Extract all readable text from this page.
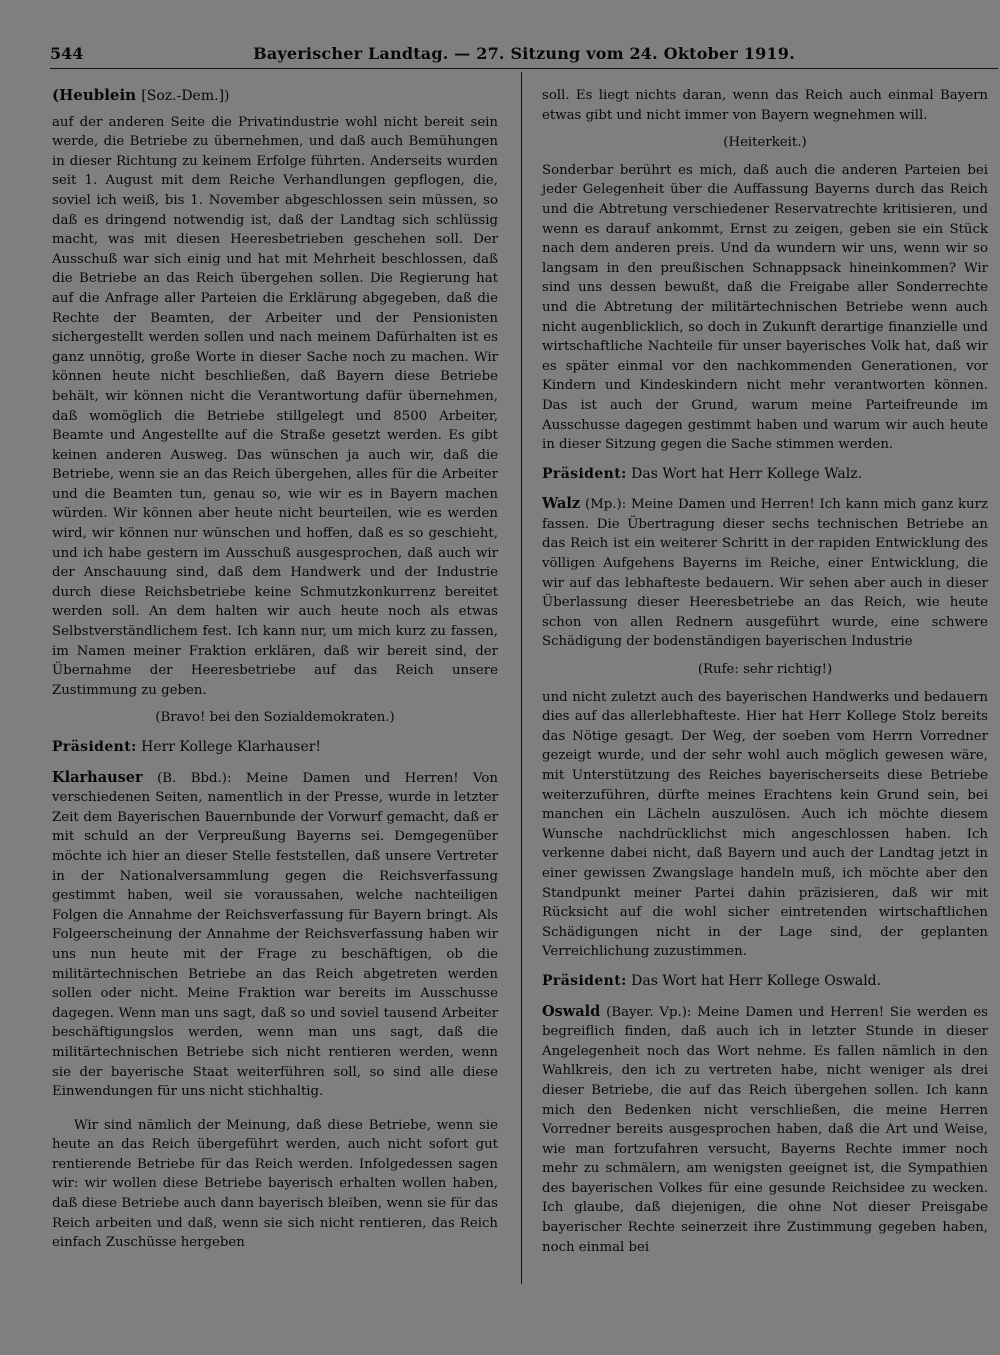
544	Bayerischer Landtag. — 27. Sitzung vom 24. Oktober 1919.

(Heublein [Soz.-Dem.])

auf der anderen Seite die Privatindustrie wohl nicht bereit sein werde, die Betriebe zu übernehmen, und daß auch Bemühungen in dieser Richtung zu keinem Erfolge führten. Anderseits wurden seit 1. August mit dem Reiche Verhandlungen gepflogen, die, soviel ich weiß, bis 1. November abgeschlossen sein müssen, so daß es dringend notwendig ist, daß der Landtag sich schlüssig macht, was mit diesen Heeresbetrieben geschehen soll. Der Ausschuß war sich einig und hat mit Mehrheit beschlossen, daß die Betriebe an das Reich übergehen sollen. Die Regierung hat auf die Anfrage aller Parteien die Erklärung abgegeben, daß die Rechte der Beamten, der Arbeiter und der Pensionisten sichergestellt werden sollen und nach meinem Dafürhalten ist es ganz unnötig, große Worte in dieser Sache noch zu machen. Wir können heute nicht beschließen, daß Bayern diese Betriebe behält, wir können nicht die Verantwortung dafür übernehmen, daß womöglich die Betriebe stillgelegt und 8500 Arbeiter, Beamte und Angestellte auf die Straße gesetzt werden. Es gibt keinen anderen Ausweg. Das wünschen ja auch wir, daß die Betriebe, wenn sie an das Reich übergehen, alles für die Arbeiter und die Beamten tun, genau so, wie wir es in Bayern machen würden. Wir können aber heute nicht beurteilen, wie es werden wird, wir können nur wünschen und hoffen, daß es so geschieht, und ich habe gestern im Ausschuß ausgesprochen, daß auch wir der Anschauung sind, daß dem Handwerk und der Industrie durch diese Reichsbetriebe keine Schmutzkonkurrenz bereitet werden soll. An dem halten wir auch heute noch als etwas Selbstverständlichem fest. Ich kann nur, um mich kurz zu fassen, im Namen meiner Fraktion erklären, daß wir bereit sind, der Übernahme der Heeresbetriebe auf das Reich unsere Zustimmung zu geben.

(Bravo! bei den Sozialdemokraten.)

Präsident: Herr Kollege Klarhauser!

Klarhauser (B. Bbd.): Meine Damen und Herren! Von verschiedenen Seiten, namentlich in der Presse, wurde in letzter Zeit dem Bayerischen Bauernbunde der Vorwurf gemacht, daß er mit schuld an der Verpreußung Bayerns sei. Demgegenüber möchte ich hier an dieser Stelle feststellen, daß unsere Vertreter in der Nationalversammlung gegen die Reichsverfassung gestimmt haben, weil sie voraussahen, welche nachteiligen Folgen die Annahme der Reichsverfassung für Bayern bringt. Als Folgeerscheinung der Annahme der Reichsverfassung haben wir uns nun heute mit der Frage zu beschäftigen, ob die militärtechnischen Betriebe an das Reich abgetreten werden sollen oder nicht. Meine Fraktion war bereits im Ausschusse dagegen. Wenn man uns sagt, daß so und soviel tausend Arbeiter beschäftigungslos werden, wenn man uns sagt, daß die militärtechnischen Betriebe sich nicht rentieren werden, wenn sie der bayerische Staat weiterführen soll, so sind alle diese Einwendungen für uns nicht stichhaltig.

Wir sind nämlich der Meinung, daß diese Betriebe, wenn sie heute an das Reich übergeführt werden, auch nicht sofort gut rentierende Betriebe für das Reich werden. Infolgedessen sagen wir: wir wollen diese Betriebe bayerisch erhalten wollen haben, daß diese Betriebe auch dann bayerisch bleiben, wenn sie für das Reich arbeiten und daß, wenn sie sich nicht rentieren, das Reich einfach Zuschüsse hergeben

soll. Es liegt nichts daran, wenn das Reich auch einmal Bayern etwas gibt und nicht immer von Bayern wegnehmen will.

(Heiterkeit.)

Sonderbar berührt es mich, daß auch die anderen Parteien bei jeder Gelegenheit über die Auffassung Bayerns durch das Reich und die Abtretung verschiedener Reservatrechte kritisieren, und wenn es darauf ankommt, Ernst zu zeigen, geben sie ein Stück nach dem anderen preis. Und da wundern wir uns, wenn wir so langsam in den preußischen Schnappsack hineinkommen? Wir sind uns dessen bewußt, daß die Freigabe aller Sonderrechte und die Abtretung der militärtechnischen Betriebe wenn auch nicht augenblicklich, so doch in Zukunft derartige finanzielle und wirtschaftliche Nachteile für unser bayerisches Volk hat, daß wir es später einmal vor den nachkommenden Generationen, vor Kindern und Kindeskindern nicht mehr verantworten können. Das ist auch der Grund, warum meine Parteifreunde im Ausschusse dagegen gestimmt haben und warum wir auch heute in dieser Sitzung gegen die Sache stimmen werden.

Präsident: Das Wort hat Herr Kollege Walz.

Walz (Mp.): Meine Damen und Herren! Ich kann mich ganz kurz fassen. Die Übertragung dieser sechs technischen Betriebe an das Reich ist ein weiterer Schritt in der rapiden Entwicklung des völligen Aufgehens Bayerns im Reiche, einer Entwicklung, die wir auf das lebhafteste bedauern. Wir sehen aber auch in dieser Überlassung dieser Heeresbetriebe an das Reich, wie heute schon von allen Rednern ausgeführt wurde, eine schwere Schädigung der bodenständigen bayerischen Industrie

(Rufe: sehr richtig!)

und nicht zuletzt auch des bayerischen Handwerks und bedauern dies auf das allerlebhafteste. Hier hat Herr Kollege Stolz bereits das Nötige gesagt. Der Weg, der soeben vom Herrn Vorredner gezeigt wurde, und der sehr wohl auch möglich gewesen wäre, mit Unterstützung des Reiches bayerischerseits diese Betriebe weiterzuführen, dürfte meines Erachtens kein Grund sein, bei manchen ein Lächeln auszulösen. Auch ich möchte diesem Wunsche nachdrücklichst mich angeschlossen haben. Ich verkenne dabei nicht, daß Bayern und auch der Landtag jetzt in einer gewissen Zwangslage handeln muß, ich möchte aber den Standpunkt meiner Partei dahin präzisieren, daß wir mit Rücksicht auf die wohl sicher eintretenden wirtschaftlichen Schädigungen nicht in der Lage sind, der geplanten Verreichlichung zuzustimmen.

Präsident: Das Wort hat Herr Kollege Oswald.

Oswald (Bayer. Vp.): Meine Damen und Herren! Sie werden es begreiflich finden, daß auch ich in letzter Stunde in dieser Angelegenheit noch das Wort nehme. Es fallen nämlich in den Wahlkreis, den ich zu vertreten habe, nicht weniger als drei dieser Betriebe, die auf das Reich übergehen sollen. Ich kann mich den Bedenken nicht verschließen, die meine Herren Vorredner bereits ausgesprochen haben, daß die Art und Weise, wie man fortzufahren versucht, Bayerns Rechte immer noch mehr zu schmälern, am wenigsten geeignet ist, die Sympathien des bayerischen Volkes für eine gesunde Reichsidee zu wecken. Ich glaube, daß diejenigen, die ohne Not dieser Preisgabe bayerischer Rechte seinerzeit ihre Zustimmung gegeben haben, noch einmal bei
